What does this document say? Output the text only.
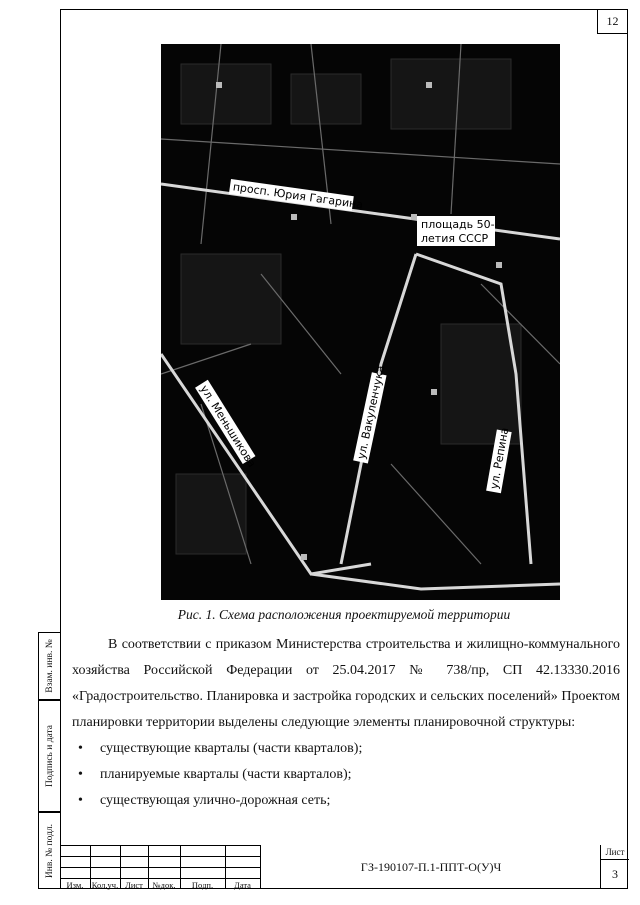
12
просп. Юрия Гагарина
площадь 50-
летия СССР
ул. Меньшикова	ул. Вакуленчука	ул. Репина
Рис. 1. Схема расположения проектируемой территории

В соответствии с приказом Министерства строительства и жилищно-коммунального хозяйства Российской Федерации от 25.04.2017 № 738/пр, СП 42.13330.2016 «Градостроительство. Планировка и застройка городских и сельских поселений» Проектом планировки территории выделены следующие элементы планировочной структуры:

• существующие кварталы (части кварталов);
• планируемые кварталы (части кварталов);
• существующая улично-дорожная сеть;
Взам. инв. №
Подпись и дата
Инв. № подл.
Изм. Кол.уч. Лист	№док.	Подп.	Дата
ГЗ-190107-П.1-ППТ-О(У)Ч
Лист
3
